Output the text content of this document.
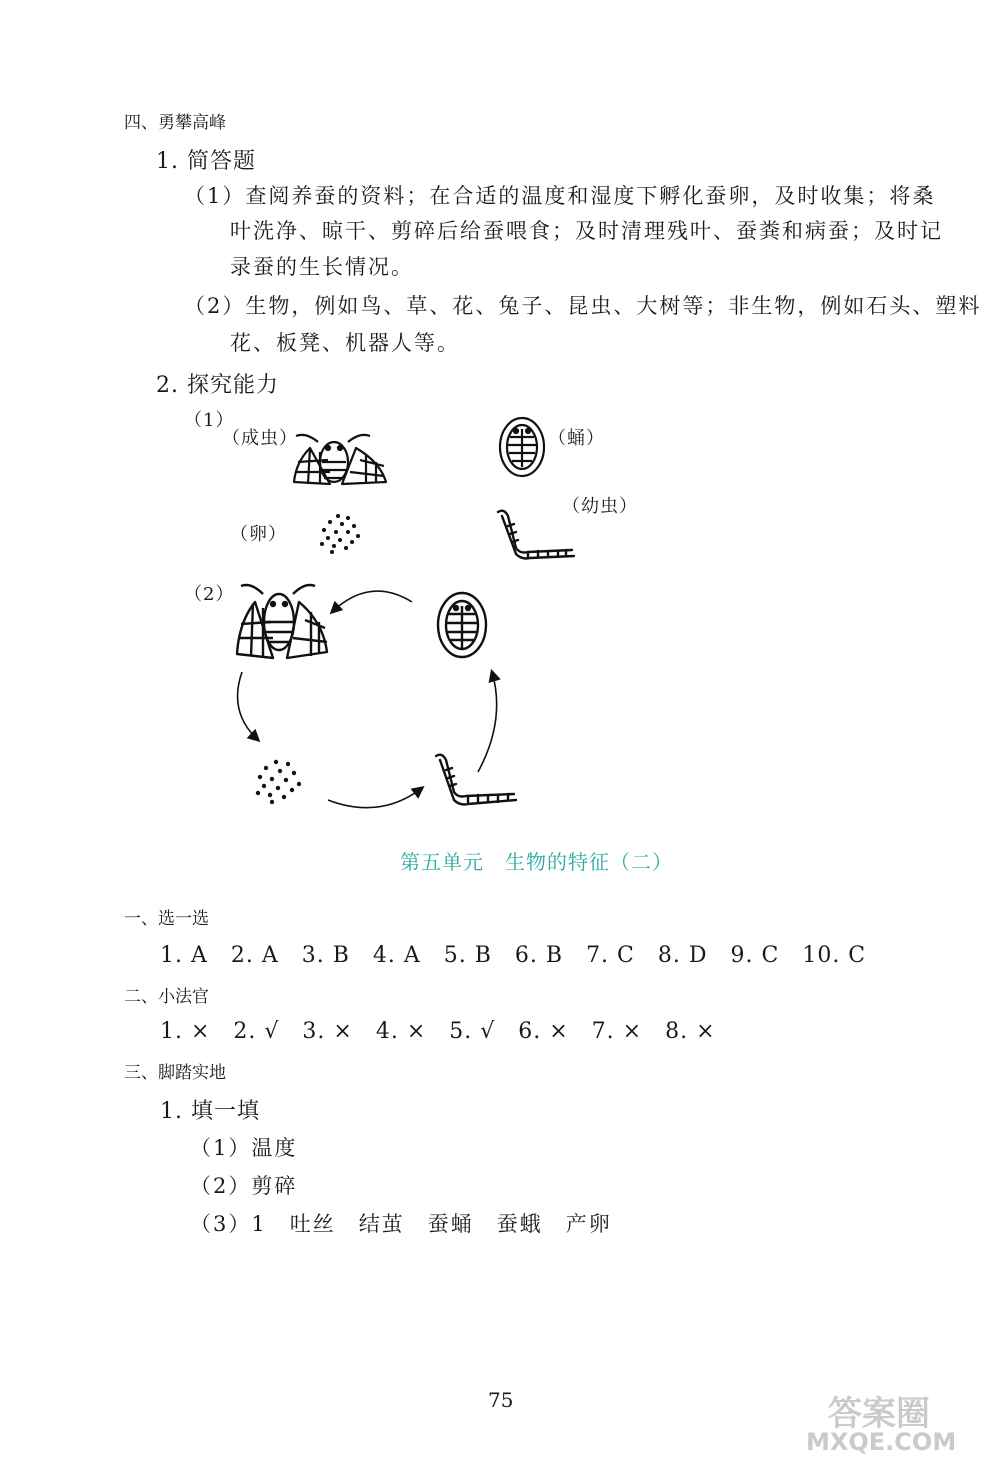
四、勇攀高峰
1. 简答题
（1）查阅养蚕的资料；在合适的温度和湿度下孵化蚕卵，及时收集；将桑
叶洗净、晾干、剪碎后给蚕喂食；及时清理残叶、蚕粪和病蚕；及时记
录蚕的生长情况。
（2）生物，例如鸟、草、花、兔子、昆虫、大树等；非生物，例如石头、塑料
花、板凳、机器人等。
2. 探究能力
（1）
（成虫）	（蛹）
（幼虫）
（卵）
（2）
第五单元　生物的特征（二）
一、选一选
1. A　2. A　3. B　4. A　5. B　6. B　7. C　8. D　9. C　10. C
二、小法官
1. ×　2. √　3. ×　4. ×　5. √　6. ×　7. ×　8. ×
三、脚踏实地
1. 填一填
（1）温度
（2）剪碎
（3）1　吐丝　结茧　蚕蛹　蚕蛾　产卵
75	答案圈
MXQE.COM
